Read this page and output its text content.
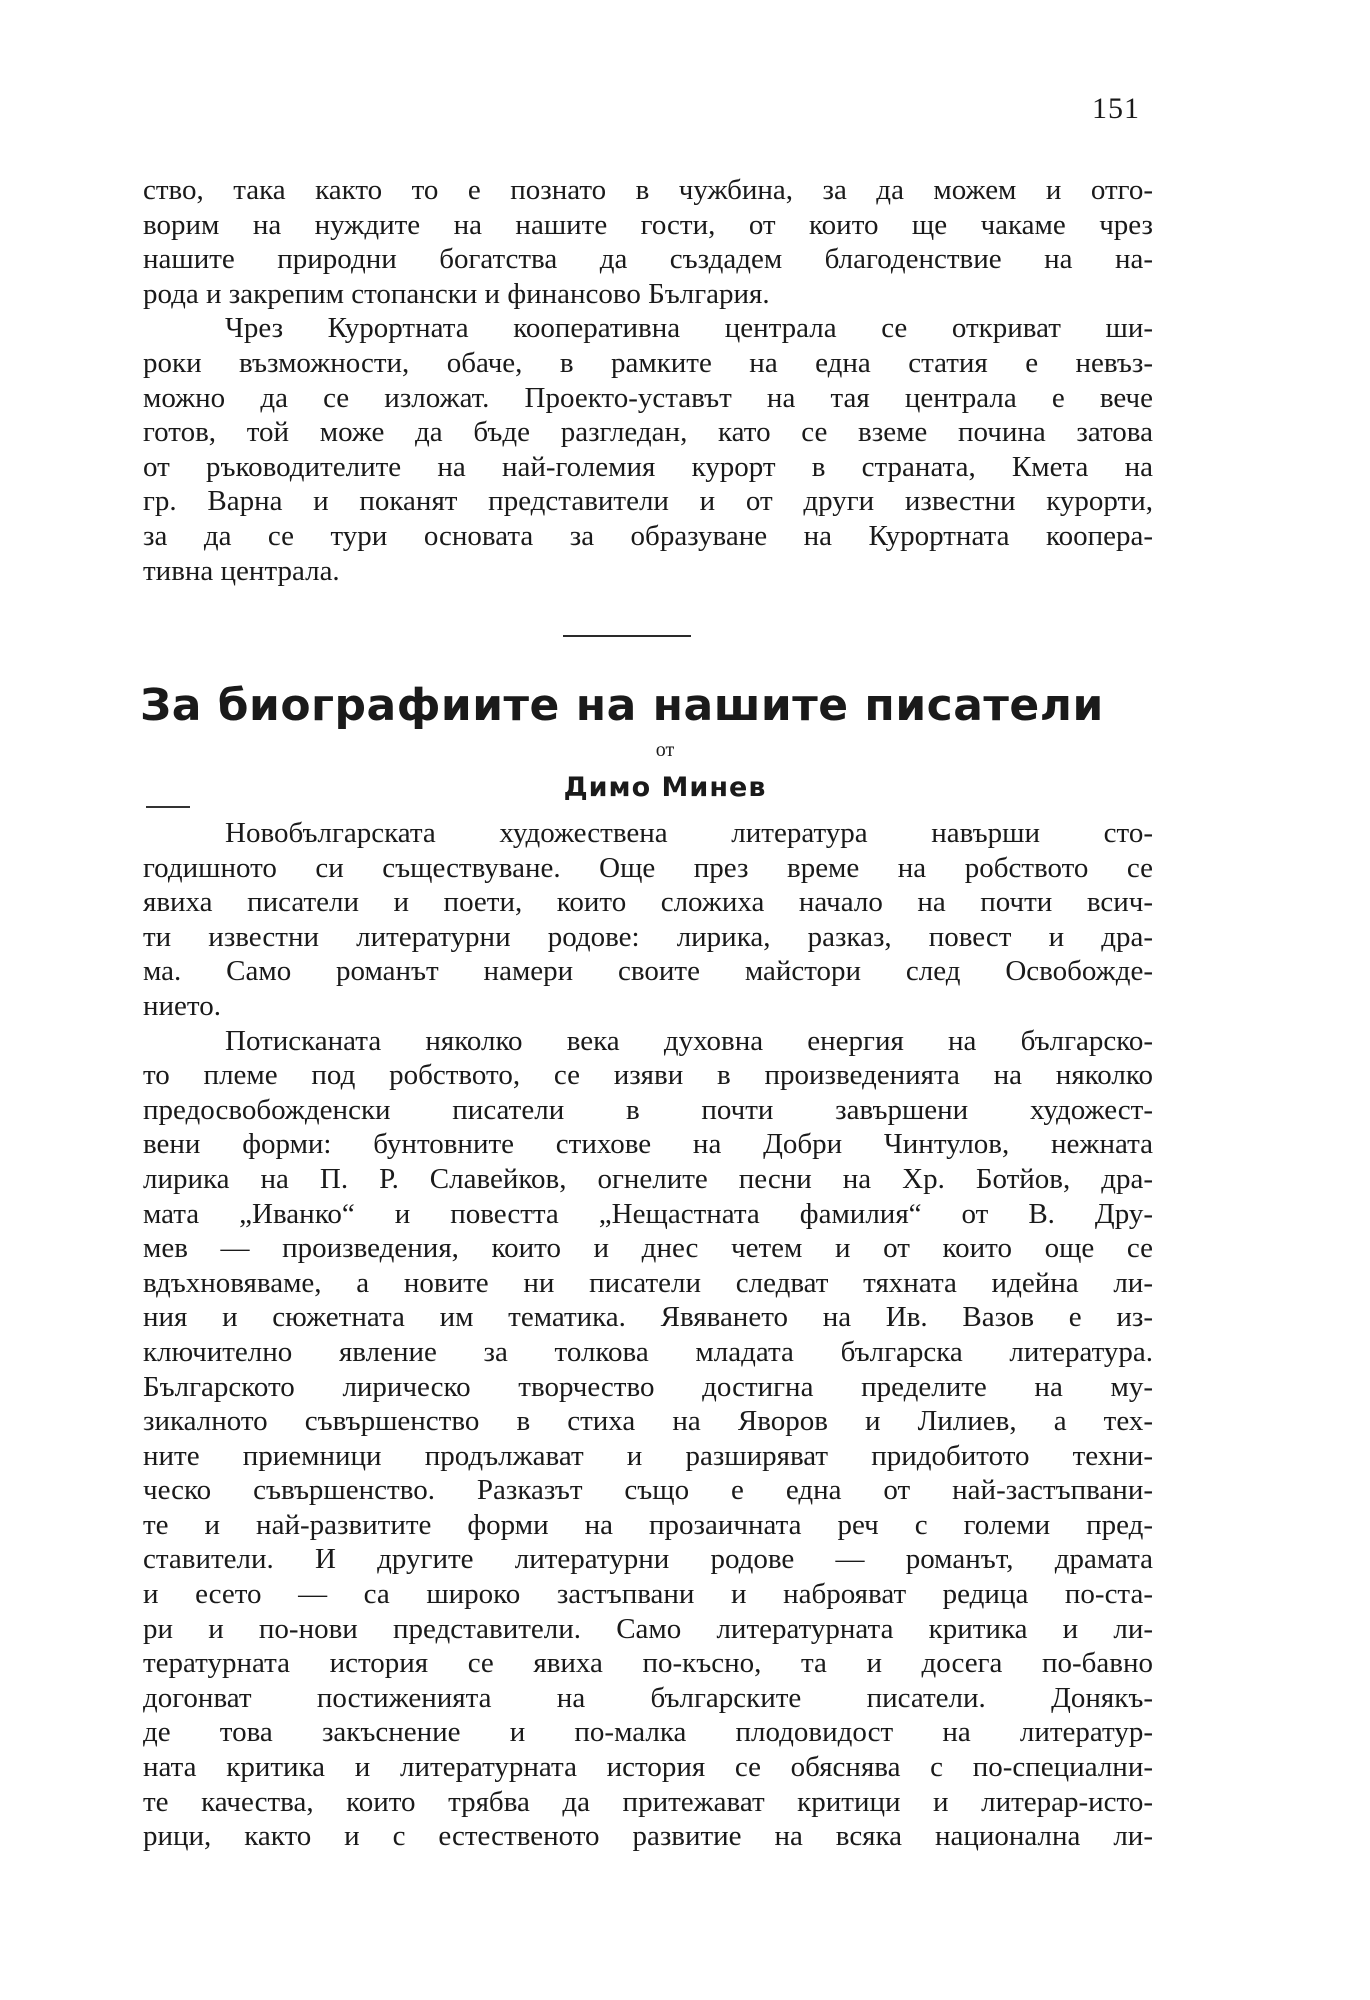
151
ство, така както то е познато в чужбина, за да можем и отго-
ворим на нуждите на нашите гости, от които ще чакаме чрез
нашите природни богатства да създадем благоденствие на на-
рода и закрепим стопански и финансово България.
Чрез Курортната кооперативна централа се откриват ши-
роки възможности, обаче, в рамките на една статия е невъз-
можно да се изложат. Проекто-уставът на тая централа е вече
готов, той може да бъде разгледан, като се вземе почина затова
от ръководителите на най-големия курорт в страната, Кмета на
гр. Варна и поканят представители и от други известни курорти,
за да се тури основата за образуване на Курортната коопера-
тивна централа.
За биографиите на нашите писатели
от
Димо Минев
Новобългарската художествена литература навърши сто-
годишното си съществуване. Още през време на робството се
явиха писатели и поети, които сложиха начало на почти всич-
ти известни литературни родове: лирика, разказ, повест и дра-
ма. Само романът намери своите майстори след Освобожде-
нието.
Потисканата няколко века духовна енергия на българско-
то племе под робството, се изяви в произведенията на няколко
предосвобожденски писатели в почти завършени художест-
вени форми: бунтовните стихове на Добри Чинтулов, нежната
лирика на П. Р. Славейков, огнелите песни на Хр. Ботйов, дра-
мата „Иванко“ и повестта „Нещастната фамилия“ от В. Дру-
мев — произведения, които и днес четем и от които още се
вдъхновяваме, а новите ни писатели следват тяхната идейна ли-
ния и сюжетната им тематика. Явяването на Ив. Вазов е из-
ключително явление за толкова младата българска литература.
Българското лирическо творчество достигна пределите на му-
зикалното съвършенство в стиха на Яворов и Лилиев, а тех-
ните приемници продължават и разширяват придобитото техни-
ческо съвършенство. Разказът също е една от най-застъпвани-
те и най-развитите форми на прозаичната реч с големи пред-
ставители. И другите литературни родове — романът, драмата
и есето — са широко застъпвани и наброяват редица по-ста-
ри и по-нови представители. Само литературната критика и ли-
тературната история се явиха по-късно, та и досега по-бавно
догонват постиженията на българските писатели. Донякъ-
де това закъснение и по-малка плодовидост на литератур-
ната критика и литературната история се обяснява с по-специални-
те качества, които трябва да притежават критици и литерар-исто-
рици, както и с естественото развитие на всяка национална ли-
